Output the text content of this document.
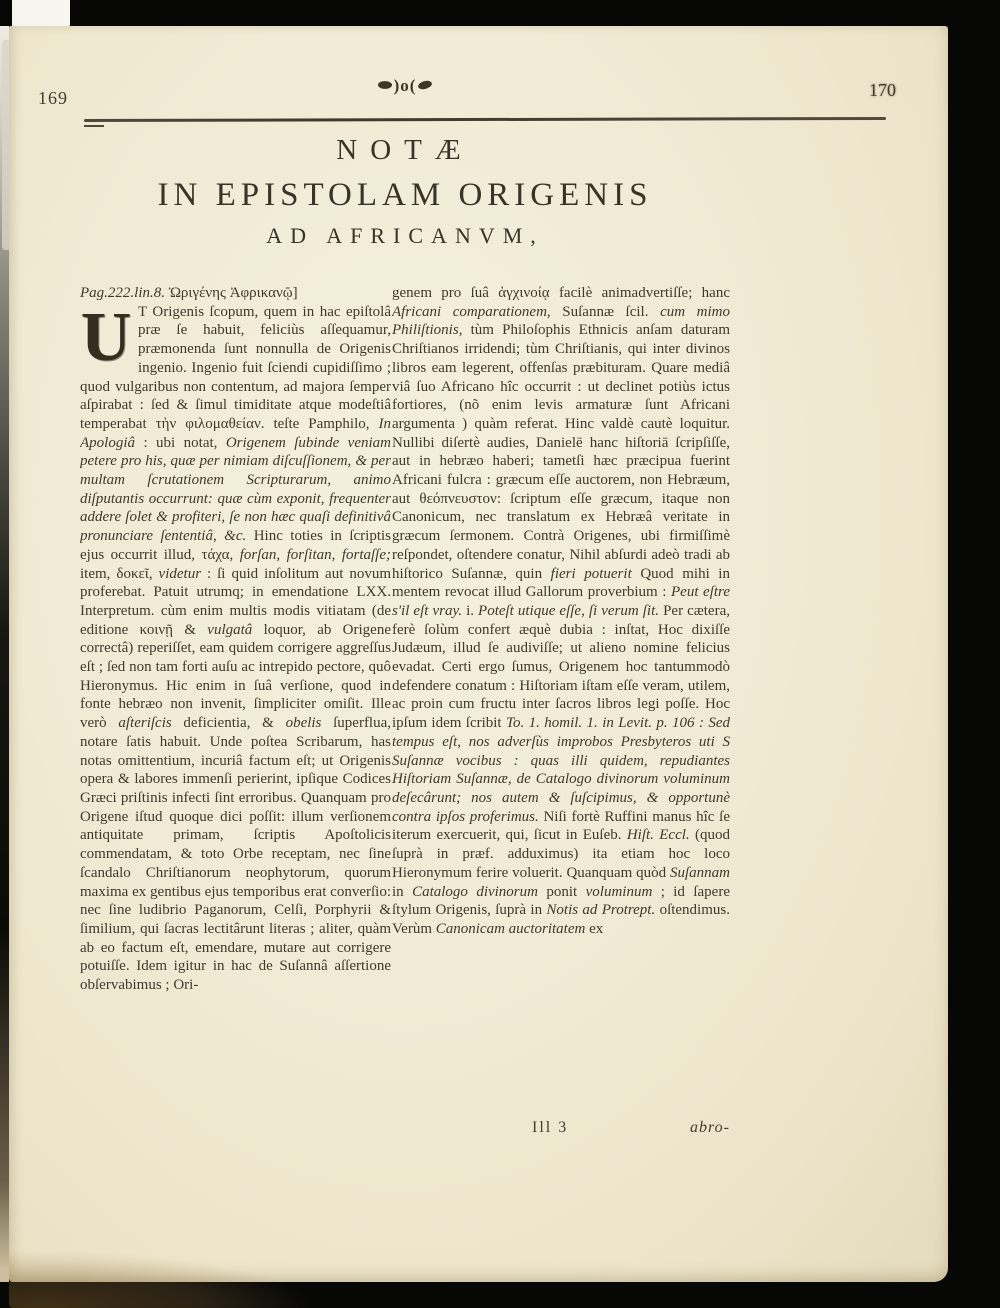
169
)o(	170
NOTÆ
IN EPISTOLAM ORIGENIS
AD AFRICANVM,
Pag.222.lin.8. Ὠριγένης Ἀφρικανῷ]
U T Origenis ſcopum, quem in hac epiſtolâ præ ſe habuit, feliciùs aſſequamur, præmonenda ſunt nonnulla de Origenis ingenio. Ingenio fuit ſciendi cupidiſſimo ; quod vulgaribus non contentum, ad majora ſemper aſpirabat : ſed & ſimul timiditate atque modeſtiâ temperabat τὴν φιλομαθείαν. teſte Pamphilo, In Apologiâ : ubi notat, Origenem ſubinde veniam petere pro his, quæ per nimiam diſcuſſionem, & per multam ſcrutationem Scripturarum, animo diſputantis occurrunt: quæ cùm exponit, frequenter addere ſolet & profiteri, ſe non hæc quaſi definitivâ pronunciare ſententiâ, &c. Hinc toties in ſcriptis ejus occurrit illud, τάχα, forſan, forſitan, fortaſſe; item, δοκεῖ, videtur : ſi quid inſolitum aut novum proferebat. Patuit utrumq; in emendatione LXX. Interpretum. cùm enim multis modis vitiatam (de editione κοινῇ & vulgatâ loquor, ab Origene correctâ) reperiſſet, eam quidem corrigere aggreſſus eſt ; ſed non tam forti auſu ac intrepido pectore, quô Hieronymus. Hic enim in ſuâ verſione, quod in fonte hebræo non invenit, ſimpliciter omiſit. Ille verò aſteriſcis deficientia, & obelis ſuperflua, notare ſatis habuit. Unde poſtea Scribarum, has notas omittentium, incuriâ factum eſt; ut Origenis opera & labores immenſi perierint, ipſique Codices Græci priſtinis infecti ſint erroribus. Quanquam pro Origene iſtud quoque dici poſſit: illum verſionem antiquitate primam, ſcriptis Apoſtolicis commendatam, & toto Orbe receptam, nec ſine ſcandalo Chriſtianorum neophytorum, quorum maxima ex gentibus ejus temporibus erat converſio: nec ſine ludibrio Paganorum, Celſi, Porphyrii & ſimilium, qui ſacras lectitârunt literas ; aliter, quàm ab eo factum eſt, emendare, mutare aut corrigere potuiſſe. Idem igitur in hac de Suſannâ aſſertione obſervabimus ; Ori-
genem pro ſuâ ἀγχινοίᾳ facilè animadvertiſſe; hanc Africani comparationem, Suſannæ ſcil. cum mimo Philiſtionis, tùm Philoſophis Ethnicis anſam daturam Chriſtianos irridendi; tùm Chriſtianis, qui inter divinos libros eam legerent, offenſas præbituram. Quare mediâ viâ ſuo Africano hîc occurrit : ut declinet potiùs ictus fortiores, (nõ enim levis armaturæ ſunt Africani argumenta ) quàm referat. Hinc valdè cautè loquitur. Nullibi diſertè audies, Danielē hanc hiſtoriā ſcripſiſſe, aut in hebræo haberi; tametſi hæc præcipua fuerint Africani fulcra : græcum eſſe auctorem, non Hebræum, aut θεόπνευστον: ſcriptum eſſe græcum, itaque non Canonicum, nec translatum ex Hebræâ veritate in græcum ſermonem. Contrà Origenes, ubi firmiſſimè reſpondet, oſtendere conatur, Nihil abſurdi adeò tradi ab hiſtorico Suſannæ, quin fieri potuerit Quod mihi in mentem revocat illud Gallorum proverbium : Peut eſtre s'il eſt vray. i. Poteſt utique eſſe, ſi verum ſit. Per cætera, ferè ſolùm confert æquè dubia : inſtat, Hoc dixiſſe Judæum, illud ſe audiviſſe; ut alieno nomine felicius evadat. Certi ergo ſumus, Origenem hoc tantummodò defendere conatum : Hiſtoriam iſtam eſſe veram, utilem, ac proin cum fructu inter ſacros libros legi poſſe. Hoc ipſum idem ſcribit To. 1. homil. 1. in Levit. p. 106 : Sed tempus eſt, nos adverſùs improbos Presbyteros uti S Suſannæ vocibus : quas illi quidem, repudiantes Hiſtoriam Suſannæ, de Catalogo divinorum voluminum deſecârunt; nos autem & ſuſcipimus, & opportunè contra ipſos proferimus. Niſi fortè Ruffini manus hîc ſe iterum exercuerit, qui, ſicut in Euſeb. Hiſt. Eccl. (quod ſuprà in præf. adduximus) ita etiam hoc loco Hieronymum ferire voluerit. Quanquam quòd Suſannam in Catalogo divinorum ponit voluminum ; id ſapere ſtylum Origenis, ſuprà in Notis ad Protrept. oſtendimus. Verùm Canonicam auctoritatem ex
Ill 3	abro-
